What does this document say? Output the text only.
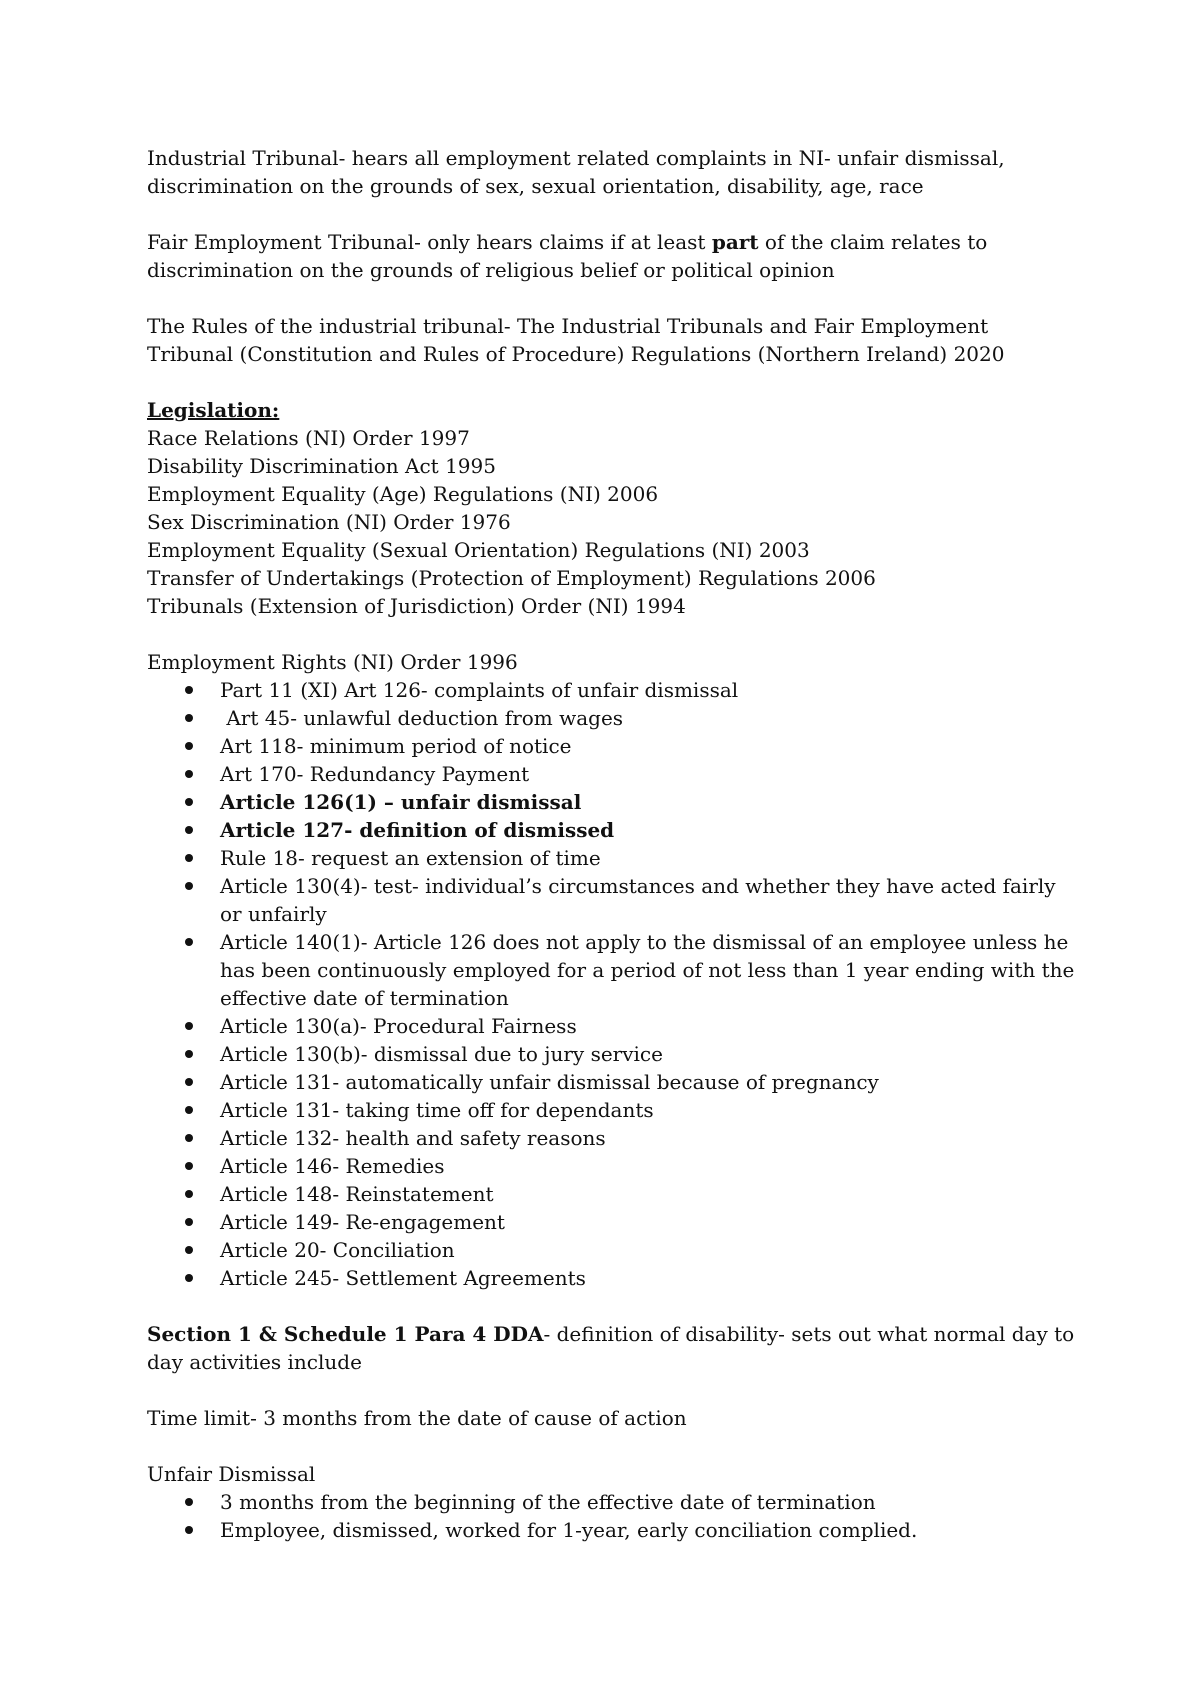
Industrial Tribunal- hears all employment related complaints in NI- unfair dismissal, discrimination on the grounds of sex, sexual orientation, disability, age, race

Fair Employment Tribunal- only hears claims if at least part of the claim relates to discrimination on the grounds of religious belief or political opinion

The Rules of the industrial tribunal- The Industrial Tribunals and Fair Employment Tribunal (Constitution and Rules of Procedure) Regulations (Northern Ireland) 2020

Legislation:
Race Relations (NI) Order 1997
Disability Discrimination Act 1995
Employment Equality (Age) Regulations (NI) 2006
Sex Discrimination (NI) Order 1976
Employment Equality (Sexual Orientation) Regulations (NI) 2003
Transfer of Undertakings (Protection of Employment) Regulations 2006
Tribunals (Extension of Jurisdiction) Order (NI) 1994
Employment Rights (NI) Order 1996
Part 11 (XI) Art 126- complaints of unfair dismissal
Art 45- unlawful deduction from wages
Art 118- minimum period of notice
Art 170- Redundancy Payment
Article 126(1) – unfair dismissal
Article 127- definition of dismissed
Rule 18- request an extension of time
Article 130(4)- test- individual’s circumstances and whether they have acted fairly or unfairly
Article 140(1)- Article 126 does not apply to the dismissal of an employee unless he has been continuously employed for a period of not less than 1 year ending with the effective date of termination
Article 130(a)- Procedural Fairness
Article 130(b)- dismissal due to jury service
Article 131- automatically unfair dismissal because of pregnancy
Article 131- taking time off for dependants
Article 132- health and safety reasons
Article 146- Remedies
Article 148- Reinstatement
Article 149- Re-engagement
Article 20- Conciliation
Article 245- Settlement Agreements

Section 1 & Schedule 1 Para 4 DDA- definition of disability- sets out what normal day to day activities include

Time limit- 3 months from the date of cause of action

Unfair Dismissal
3 months from the beginning of the effective date of termination
Employee, dismissed, worked for 1-year, early conciliation complied.
